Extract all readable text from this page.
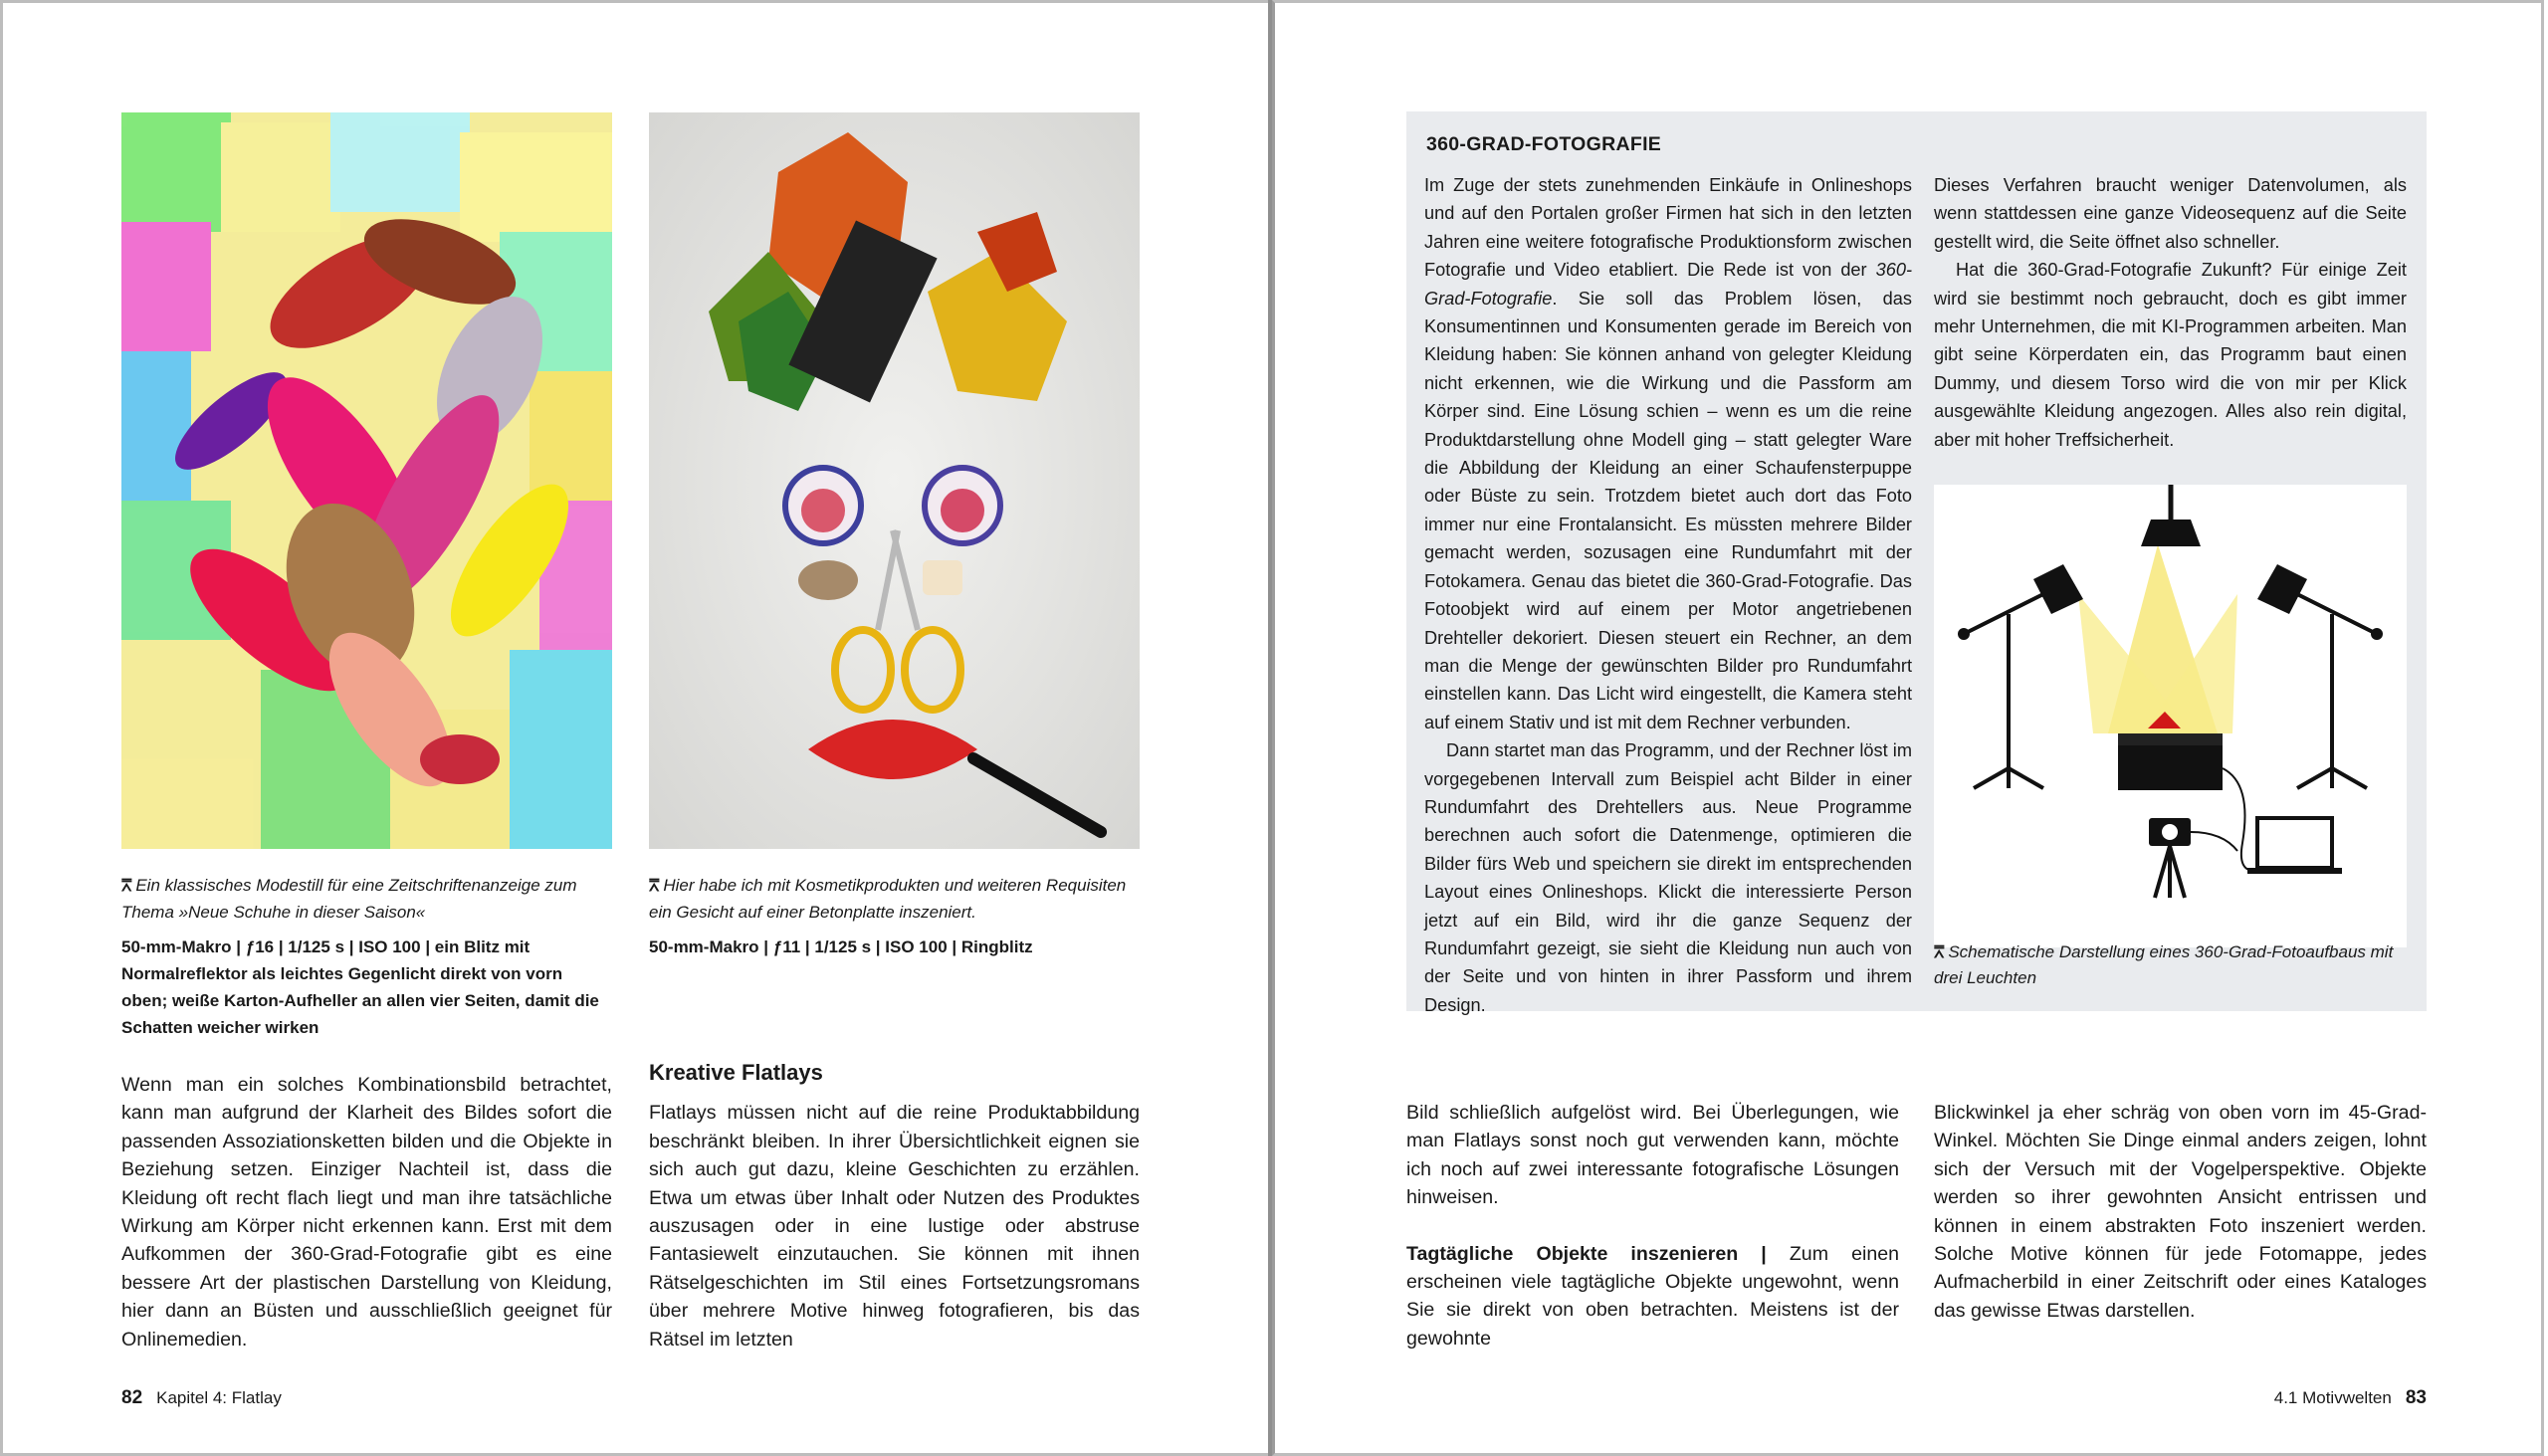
⩞ Ein klassisches Modestill für eine Zeitschriftenanzeige zum Thema »Neue Schuhe in dieser Saison«
50-mm-Makro | ƒ16 | 1/125 s | ISO 100 | ein Blitz mit Normalreflektor als leichtes Gegenlicht direkt von vorn oben; weiße Karton-Aufheller an allen vier Seiten, damit die Schatten weicher wirken
⩞ Hier habe ich mit Kosmetikprodukten und weiteren Requisiten ein Gesicht auf einer Betonplatte inszeniert.
50-mm-Makro | ƒ11 | 1/125 s | ISO 100 | Ringblitz

Wenn man ein solches Kombinationsbild betrachtet, kann man aufgrund der Klarheit des Bildes sofort die passenden Assoziationsketten bilden und die Objekte in Beziehung setzen. Einziger Nachteil ist, dass die Kleidung oft recht flach liegt und man ihre tatsächliche Wirkung am Körper nicht erkennen kann. Erst mit dem Aufkommen der 360-Grad-Fotografie gibt es eine bessere Art der plastischen Darstellung von Kleidung, hier dann an Büsten und ausschließlich geeignet für Onlinemedien.

Kreative Flatlays

Flatlays müssen nicht auf die reine Produktabbildung beschränkt bleiben. In ihrer Übersichtlichkeit eignen sie sich auch gut dazu, kleine Geschichten zu erzählen. Etwa um etwas über Inhalt oder Nutzen des Produktes auszusagen oder in eine lustige oder abstruse Fantasiewelt einzutauchen. Sie können mit ihnen Rätselgeschichten im Stil eines Fortsetzungsromans über mehrere Motive hinweg fotografieren, bis das Rätsel im letzten

82 Kapitel 4: Flatlay
360-GRAD-FOTOGRAFIE

Im Zuge der stets zunehmenden Einkäufe in Onlineshops und auf den Portalen großer Firmen hat sich in den letzten Jahren eine weitere fotografische Produktionsform zwischen Fotografie und Video etabliert. Die Rede ist von der 360-Grad-Fotografie. Sie soll das Problem lösen, das Konsumentinnen und Konsumenten gerade im Bereich von Kleidung haben: Sie können anhand von gelegter Kleidung nicht erkennen, wie die Wirkung und die Passform am Körper sind. Eine Lösung schien – wenn es um die reine Produktdarstellung ohne Modell ging – statt gelegter Ware die Abbildung der Kleidung an einer Schaufensterpuppe oder Büste zu sein. Trotzdem bietet auch dort das Foto immer nur eine Frontalansicht. Es müssten mehrere Bilder gemacht werden, sozusagen eine Rundumfahrt mit der Fotokamera. Genau das bietet die 360-Grad-Fotografie. Das Fotoobjekt wird auf einem per Motor angetriebenen Drehteller dekoriert. Diesen steuert ein Rechner, an dem man die Menge der gewünschten Bilder pro Rundumfahrt einstellen kann. Das Licht wird eingestellt, die Kamera steht auf einem Stativ und ist mit dem Rechner verbunden.

Dann startet man das Programm, und der Rechner löst im vorgegebenen Intervall zum Beispiel acht Bilder in einer Rundumfahrt des Drehtellers aus. Neue Programme berechnen auch sofort die Datenmenge, optimieren die Bilder fürs Web und speichern sie direkt im entsprechenden Layout eines Onlineshops. Klickt die interessierte Person jetzt auf ein Bild, wird ihr die ganze Sequenz der Rundumfahrt gezeigt, sie sieht die Kleidung nun auch von der Seite und von hinten in ihrer Passform und ihrem Design.

Dieses Verfahren braucht weniger Datenvolumen, als wenn stattdessen eine ganze Videosequenz auf die Seite gestellt wird, die Seite öffnet also schneller.

Hat die 360-Grad-Fotografie Zukunft? Für einige Zeit wird sie bestimmt noch gebraucht, doch es gibt immer mehr Unternehmen, die mit KI-Programmen arbeiten. Man gibt seine Körperdaten ein, das Programm baut einen Dummy, und diesem Torso wird die von mir per Klick ausgewählte Kleidung angezogen. Alles also rein digital, aber mit hoher Treffsicherheit.

⩞ Schematische Darstellung eines 360-Grad-Fotoaufbaus mit drei Leuchten

Bild schließlich aufgelöst wird. Bei Überlegungen, wie man Flatlays sonst noch gut verwenden kann, möchte ich noch auf zwei interessante fotografische Lösungen hinweisen.

Tagtägliche Objekte inszenieren | Zum einen erscheinen viele tagtägliche Objekte ungewohnt, wenn Sie sie direkt von oben betrachten. Meistens ist der gewohnte

Blickwinkel ja eher schräg von oben vorn im 45-Grad-Winkel. Möchten Sie Dinge einmal anders zeigen, lohnt sich der Versuch mit der Vogelperspektive. Objekte werden so ihrer gewohnten Ansicht entrissen und können in einem abstrakten Foto inszeniert werden. Solche Motive können für jede Fotomappe, jedes Aufmacherbild in einer Zeitschrift oder eines Kataloges das gewisse Etwas darstellen.

4.1 Motivwelten 83
